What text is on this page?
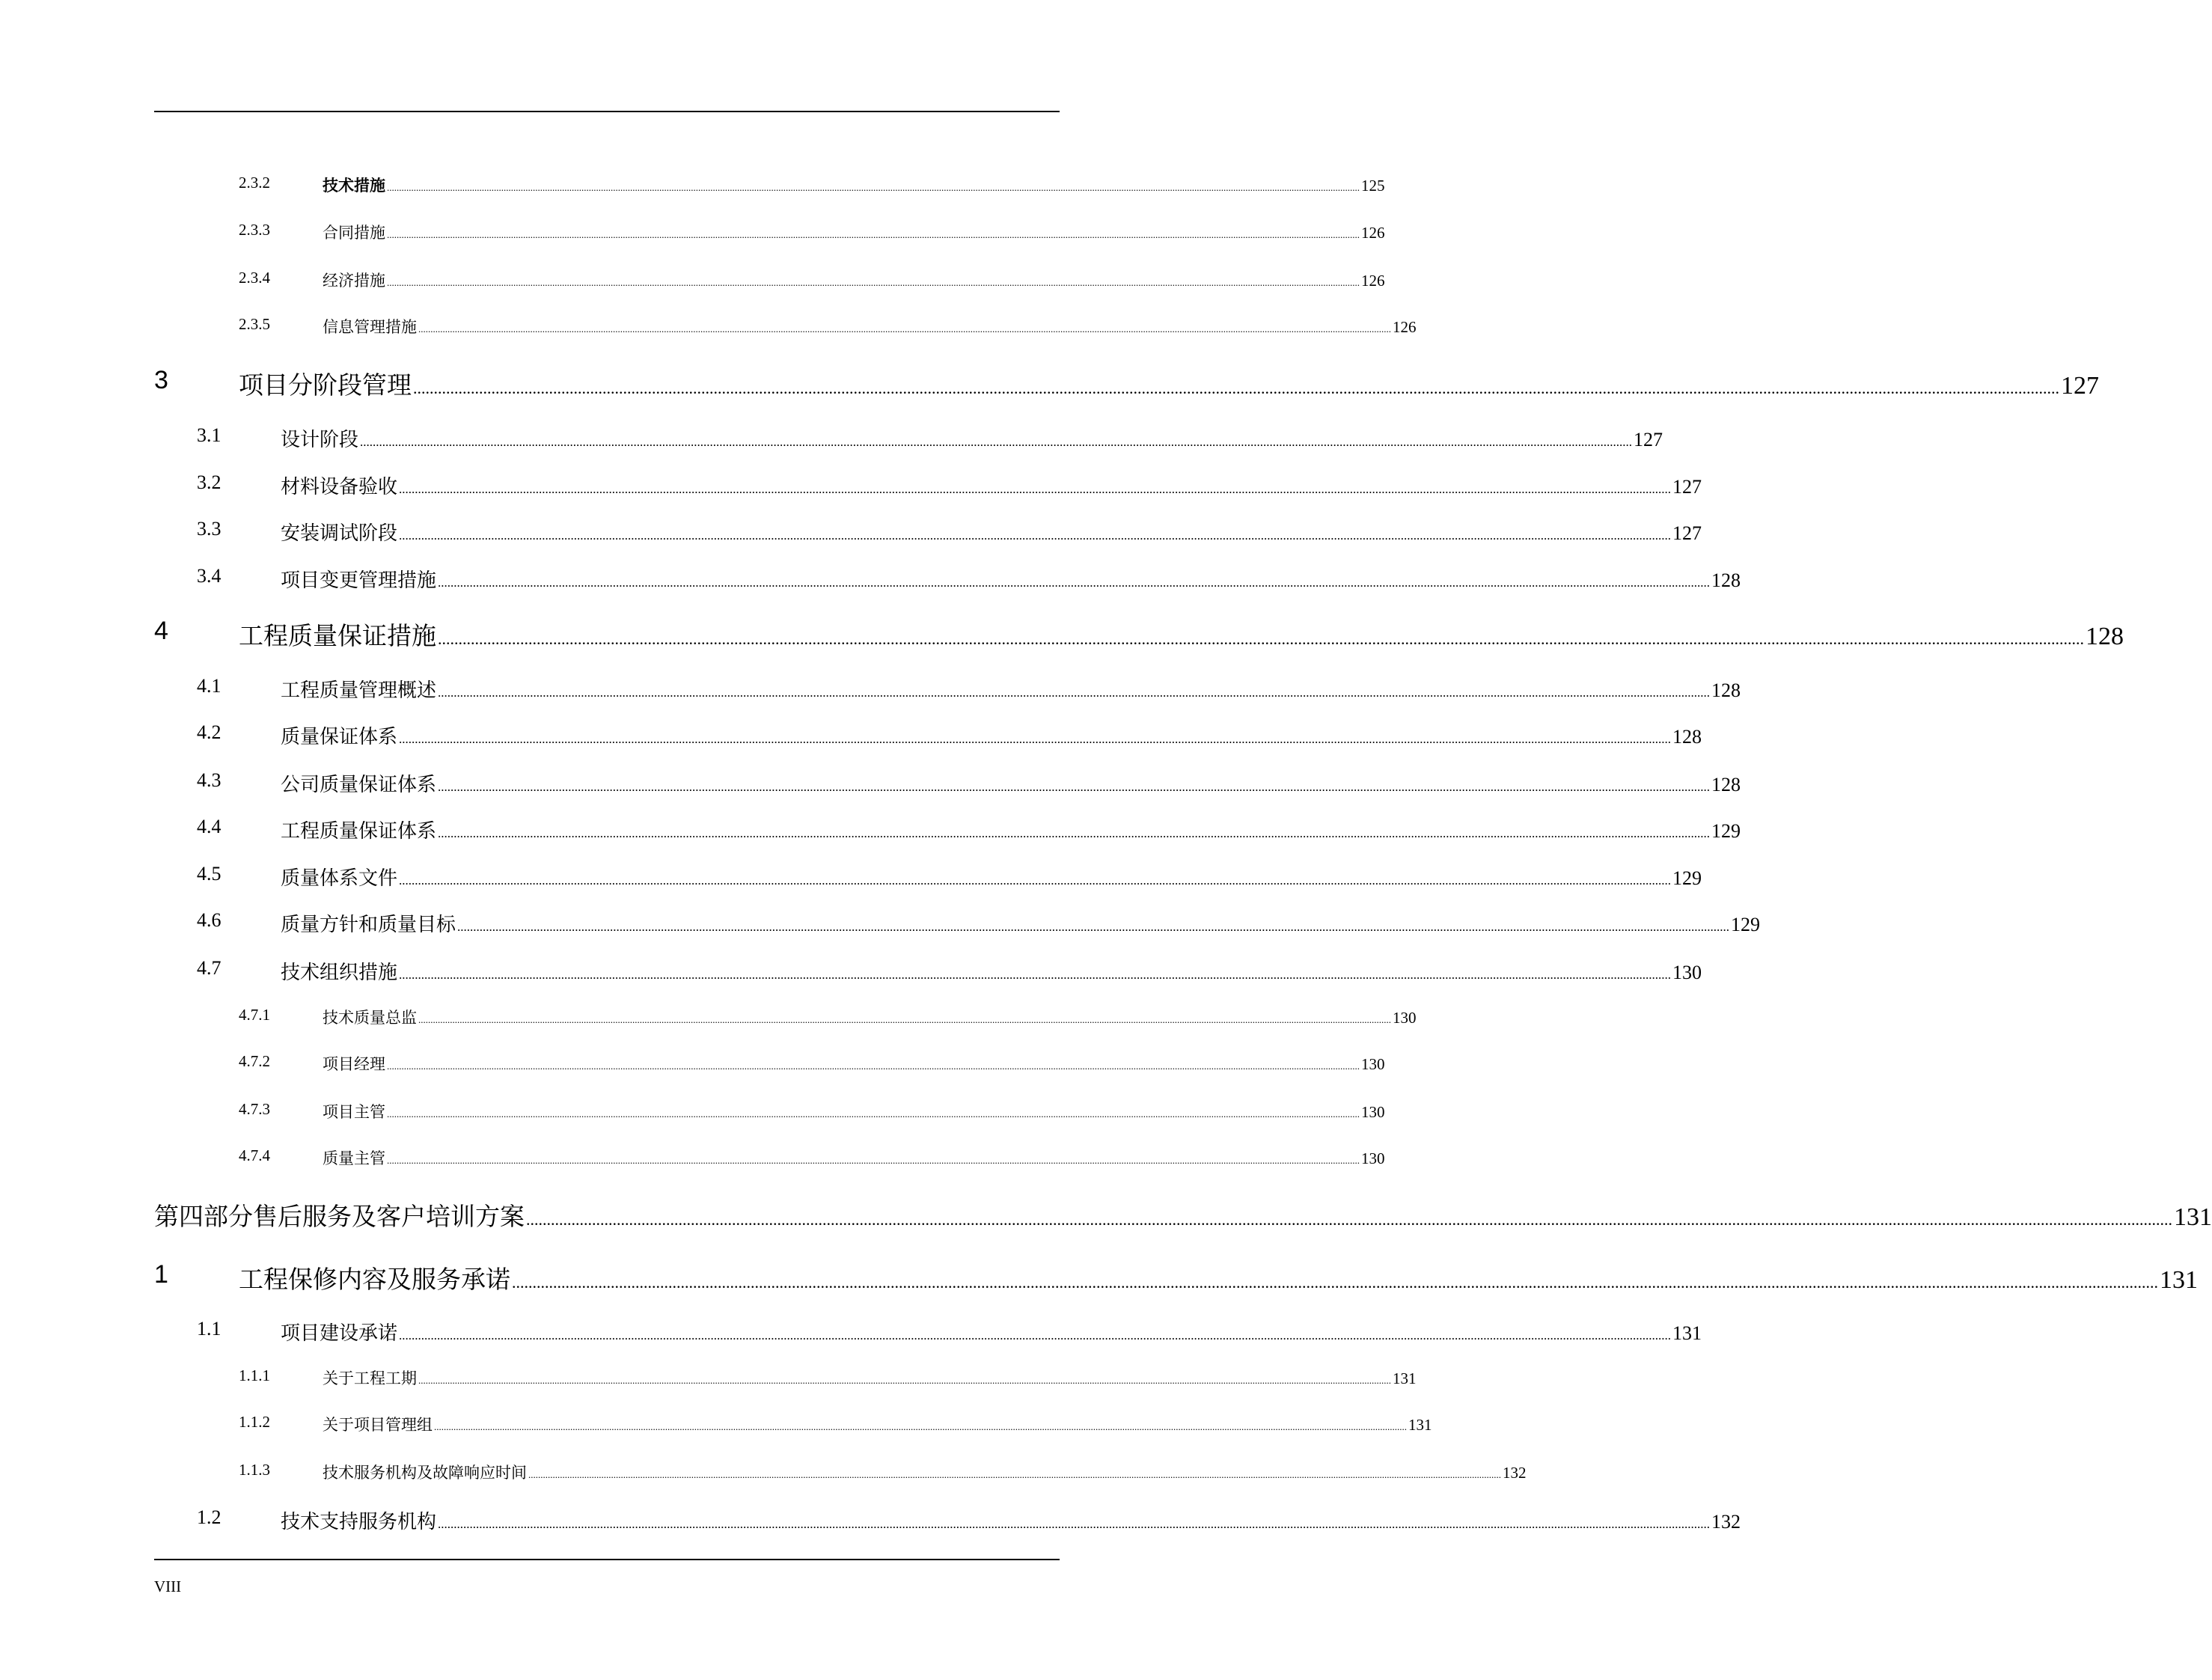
2.3.2	技术措施 ................................................................................................................................................................................................................................................................................................................................................................................................................ 125
2.3.3	合同措施 ................................................................................................................................................................................................................................................................................................................................................................................................................ 126
2.3.4	经济措施 ................................................................................................................................................................................................................................................................................................................................................................................................................ 126
2.3.5	信息管理措施 ................................................................................................................................................................................................................................................................................................................................................................................................................ 126
3	项目分阶段管理 ................................................................................................................................................................................................................................................................................................................................................................................................................ 127
3.1	设计阶段 ................................................................................................................................................................................................................................................................................................................................................................................................................ 127
3.2	材料设备验收 ................................................................................................................................................................................................................................................................................................................................................................................................................ 127
3.3	安装调试阶段 ................................................................................................................................................................................................................................................................................................................................................................................................................ 127
3.4	项目变更管理措施 ................................................................................................................................................................................................................................................................................................................................................................................................................ 128
4	工程质量保证措施 ................................................................................................................................................................................................................................................................................................................................................................................................................ 128
4.1	工程质量管理概述 ................................................................................................................................................................................................................................................................................................................................................................................................................ 128
4.2	质量保证体系 ................................................................................................................................................................................................................................................................................................................................................................................................................ 128
4.3	公司质量保证体系 ................................................................................................................................................................................................................................................................................................................................................................................................................ 128
4.4	工程质量保证体系 ................................................................................................................................................................................................................................................................................................................................................................................................................ 129
4.5	质量体系文件 ................................................................................................................................................................................................................................................................................................................................................................................................................ 129
4.6	质量方针和质量目标 ................................................................................................................................................................................................................................................................................................................................................................................................................ 129
4.7	技术组织措施 ................................................................................................................................................................................................................................................................................................................................................................................................................ 130
4.7.1	技术质量总监 ................................................................................................................................................................................................................................................................................................................................................................................................................ 130
4.7.2	项目经理 ................................................................................................................................................................................................................................................................................................................................................................................................................ 130
4.7.3	项目主管 ................................................................................................................................................................................................................................................................................................................................................................................................................ 130
4.7.4	质量主管 ................................................................................................................................................................................................................................................................................................................................................................................................................ 130
第四部分售后服务及客户培训方案 ................................................................................................................................................................................................................................................................................................................................................................................................................ 131
1	工程保修内容及服务承诺 ................................................................................................................................................................................................................................................................................................................................................................................................................ 131
1.1	项目建设承诺 ................................................................................................................................................................................................................................................................................................................................................................................................................ 131
1.1.1	关于工程工期 ................................................................................................................................................................................................................................................................................................................................................................................................................ 131
1.1.2	关于项目管理组 ................................................................................................................................................................................................................................................................................................................................................................................................................ 131
1.1.3	技术服务机构及故障响应时间 ................................................................................................................................................................................................................................................................................................................................................................................................................ 132
1.2	技术支持服务机构 ................................................................................................................................................................................................................................................................................................................................................................................................................ 132
VIII
